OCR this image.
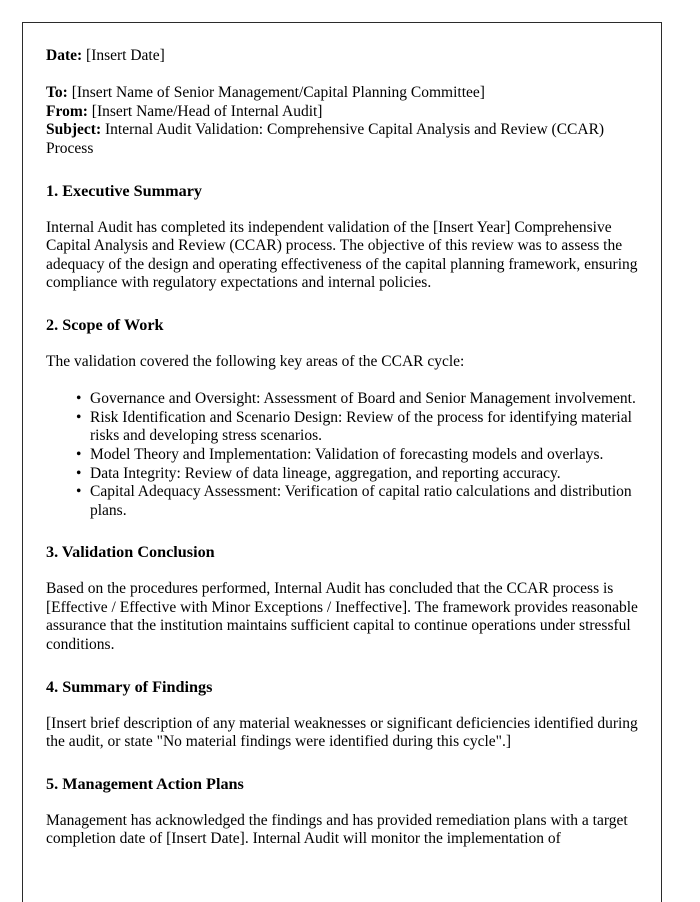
Date: [Insert Date]

To: [Insert Name of Senior Management/Capital Planning Committee]

From: [Insert Name/Head of Internal Audit]

Subject: Internal Audit Validation: Comprehensive Capital Analysis and Review (CCAR) Process

1. Executive Summary

Internal Audit has completed its independent validation of the [Insert Year] Comprehensive Capital Analysis and Review (CCAR) process. The objective of this review was to assess the adequacy of the design and operating effectiveness of the capital planning framework, ensuring compliance with regulatory expectations and internal policies.

2. Scope of Work

The validation covered the following key areas of the CCAR cycle:

• Governance and Oversight: Assessment of Board and Senior Management involvement.
• Risk Identification and Scenario Design: Review of the process for identifying material risks and developing stress scenarios.
• Model Theory and Implementation: Validation of forecasting models and overlays.
• Data Integrity: Review of data lineage, aggregation, and reporting accuracy.
• Capital Adequacy Assessment: Verification of capital ratio calculations and distribution plans.
3. Validation Conclusion

Based on the procedures performed, Internal Audit has concluded that the CCAR process is [Effective / Effective with Minor Exceptions / Ineffective]. The framework provides reasonable assurance that the institution maintains sufficient capital to continue operations under stressful conditions.

4. Summary of Findings

[Insert brief description of any material weaknesses or significant deficiencies identified during the audit, or state "No material findings were identified during this cycle".]

5. Management Action Plans

Management has acknowledged the findings and has provided remediation plans with a target completion date of [Insert Date]. Internal Audit will monitor the implementation of
